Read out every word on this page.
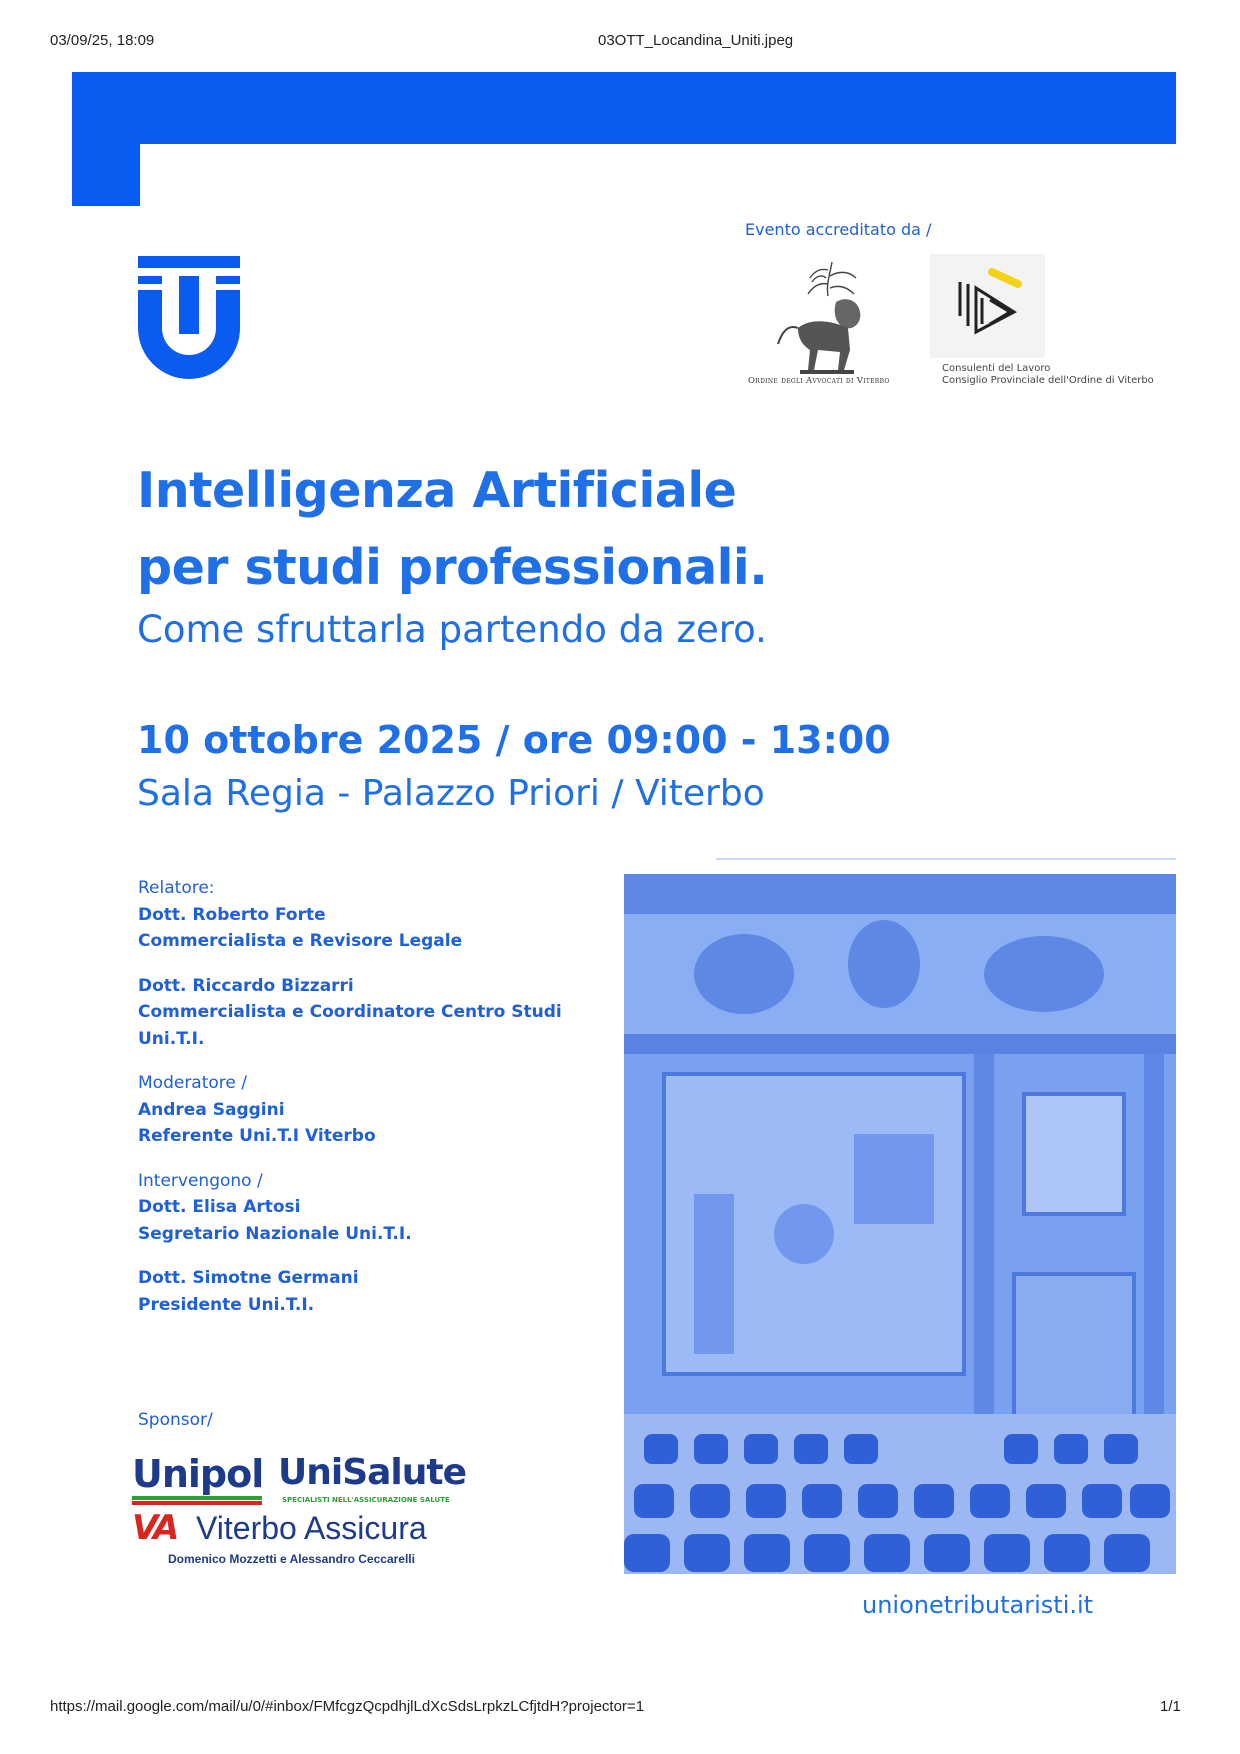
03/09/25, 18:09	03OTT_Locandina_Uniti.jpeg
Evento accreditato da /
Ordine degli Avvocati di Viterbo
Consulenti del Lavoro
Consiglio Provinciale dell'Ordine di Viterbo
Intelligenza Artificiale
per studi professionali.
Come sfruttarla partendo da zero.
10 ottobre 2025 / ore 09:00 - 13:00
Sala Regia - Palazzo Priori / Viterbo
Relatore:
Dott. Roberto Forte
Commercialista e Revisore Legale
Dott. Riccardo Bizzarri
Commercialista e Coordinatore Centro Studi
Uni.T.I.
Moderatore /
Andrea Saggini
Referente Uni.T.I Viterbo
Intervengono /
Dott. Elisa Artosi
Segretario Nazionale Uni.T.I.
Dott. Simotne Germani
Presidente Uni.T.I.
Sponsor/
Unipol UniSalute
SPECIALISTI NELL'ASSICURAZIONE SALUTE
VA Viterbo Assicura
Domenico Mozzetti e Alessandro Ceccarelli
unionetributaristi.it
https://mail.google.com/mail/u/0/#inbox/FMfcgzQcpdhjlLdXcSdsLrpkzLCfjtdH?projector=1	1/1
